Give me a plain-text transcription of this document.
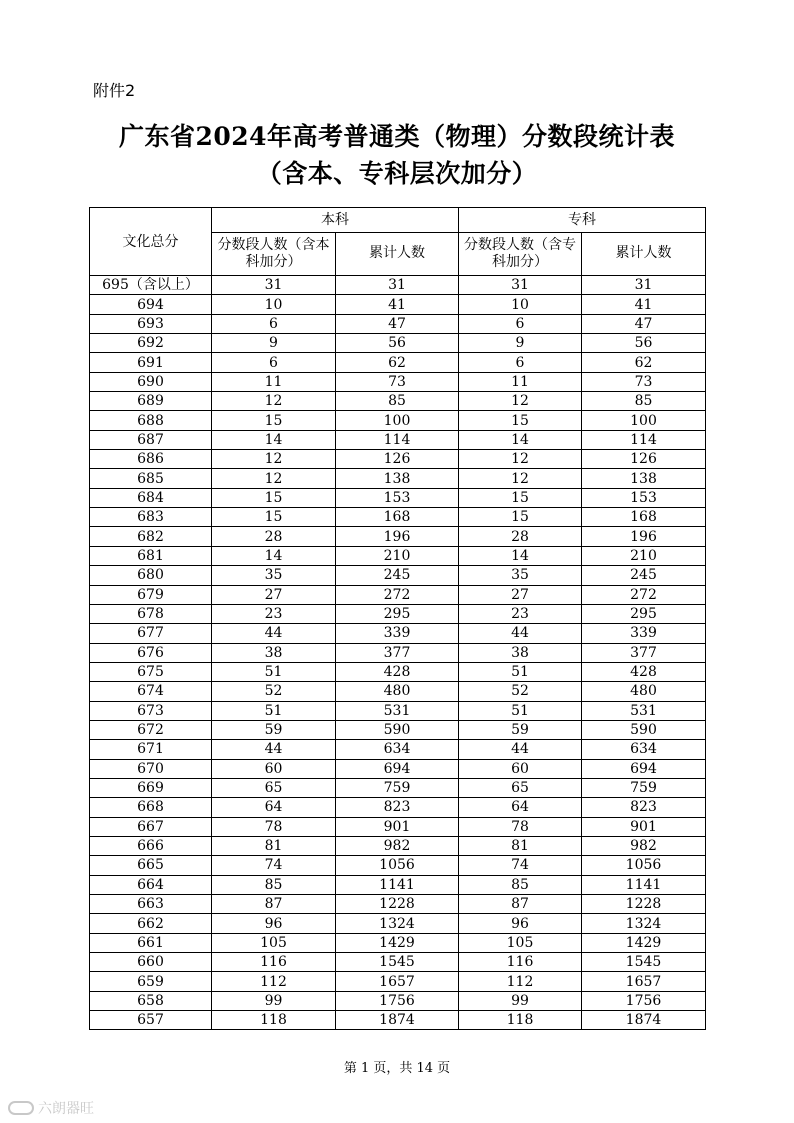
附件2
广东省2024年高考普通类（物理）分数段统计表
（含本、专科层次加分）
文化总分	本科		专科	
	分数段人数（含本科加分）	累计人数	分数段人数（含专科加分）	累计人数
695（含以上）	31	31	31	31
694	10	41	10	41
693	6	47	6	47
692	9	56	9	56
691	6	62	6	62
690	11	73	11	73
689	12	85	12	85
688	15	100	15	100
687	14	114	14	114
686	12	126	12	126
685	12	138	12	138
684	15	153	15	153
683	15	168	15	168
682	28	196	28	196
681	14	210	14	210
680	35	245	35	245
679	27	272	27	272
678	23	295	23	295
677	44	339	44	339
676	38	377	38	377
675	51	428	51	428
674	52	480	52	480
673	51	531	51	531
672	59	590	59	590
671	44	634	44	634
670	60	694	60	694
669	65	759	65	759
668	64	823	64	823
667	78	901	78	901
666	81	982	81	982
665	74	1056	74	1056
664	85	1141	85	1141
663	87	1228	87	1228
662	96	1324	96	1324
661	105	1429	105	1429
660	116	1545	116	1545
659	112	1657	112	1657
658	99	1756	99	1756
657	118	1874	118	1874
第 1 页，共 14 页
六朗器旺
